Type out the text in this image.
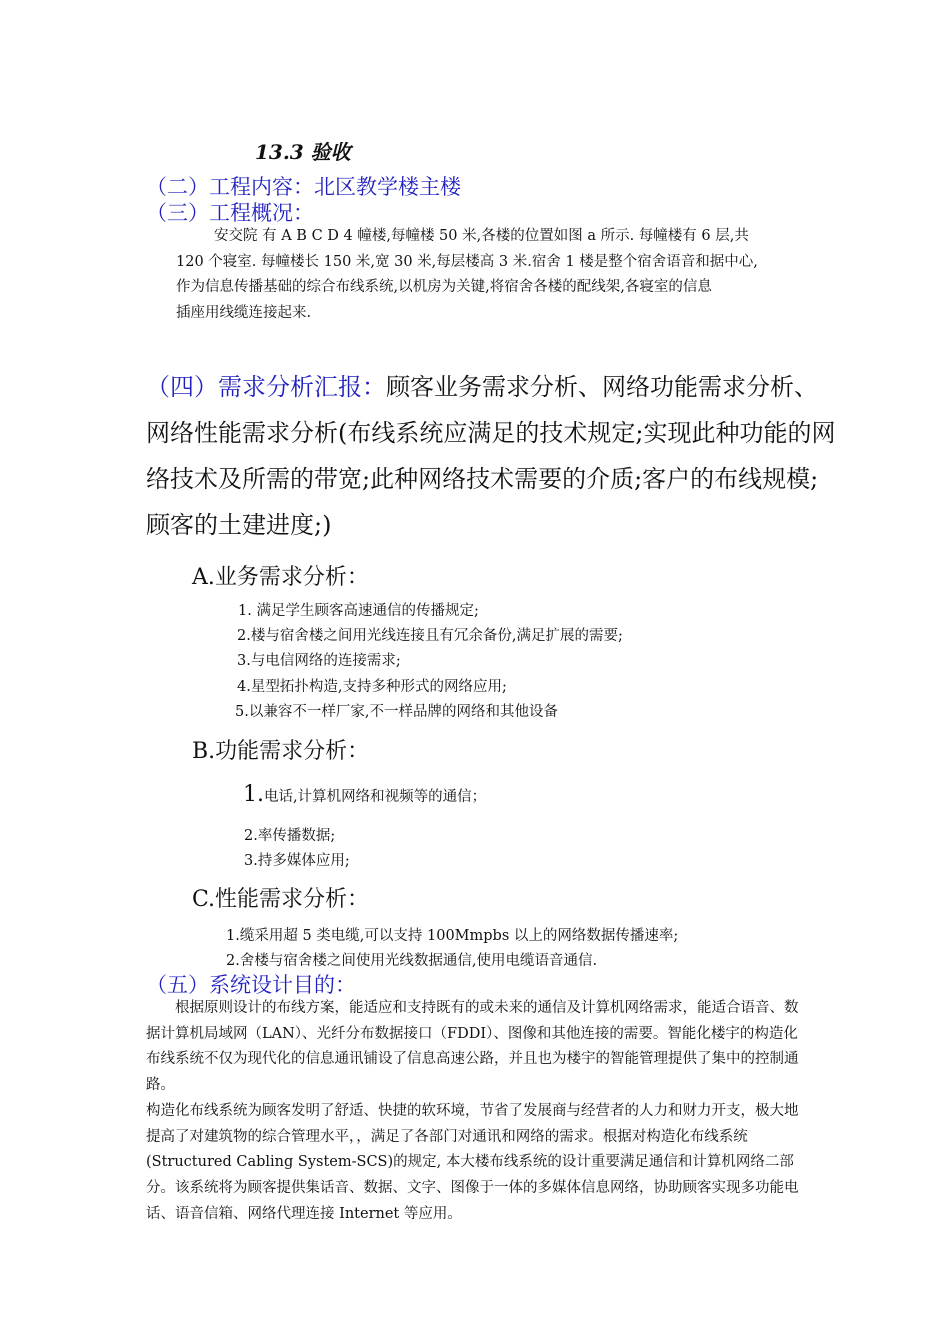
13.3 验收
（二）工程内容：北区教学楼主楼
（三）工程概况：
安交院 有 A B C D 4 幢楼,每幢楼 50 米,各楼的位置如图 a 所示. 每幢楼有 6 层,共
120 个寝室. 每幢楼长 150 米,宽 30 米,每层楼高 3 米.宿舍 1 楼是整个宿舍语音和据中心,
作为信息传播基础的综合布线系统,以机房为关键,将宿舍各楼的配线架,各寝室的信息
插座用线缆连接起来.
（四）需求分析汇报：顾客业务需求分析、网络功能需求分析、网络性能需求分析(布线系统应满足的技术规定;实现此种功能的网络技术及所需的带宽;此种网络技术需要的介质;客户的布线规模;顾客的土建进度;)
A.业务需求分析：
1. 满足学生顾客高速通信的传播规定;
2.楼与宿舍楼之间用光线连接且有冗余备份,满足扩展的需要;
3.与电信网络的连接需求;
4.星型拓扑构造,支持多种形式的网络应用;
5.以兼容不一样厂家,不一样品牌的网络和其他设备
B.功能需求分析：
1.电话,计算机网络和视频等的通信；
2.率传播数据;
3.持多媒体应用;
C.性能需求分析：
1.缆采用超 5 类电缆,可以支持 100Mmpbs 以上的网络数据传播速率;
2.舍楼与宿舍楼之间使用光线数据通信,使用电缆语音通信.
（五）系统设计目的：

根据原则设计的布线方案，能适应和支持既有的或未来的通信及计算机网络需求，能适合语音、数据计算机局域网（LAN）、光纤分布数据接口（FDDI）、图像和其他连接的需要。智能化楼宇的构造化布线系统不仅为现代化的信息通讯铺设了信息高速公路，并且也为楼宇的智能管理提供了集中的控制通路。

构造化布线系统为顾客发明了舒适、快捷的软环境，节省了发展商与经营者的人力和财力开支，极大地提高了对建筑物的综合管理水平，，满足了各部门对通讯和网络的需求。根据对构造化布线系统(Structured Cabling System-SCS)的规定, 本大楼布线系统的设计重要满足通信和计算机网络二部分。该系统将为顾客提供集话音、数据、文字、图像于一体的多媒体信息网络，协助顾客实现多功能电话、语音信箱、网络代理连接 Internet 等应用。
